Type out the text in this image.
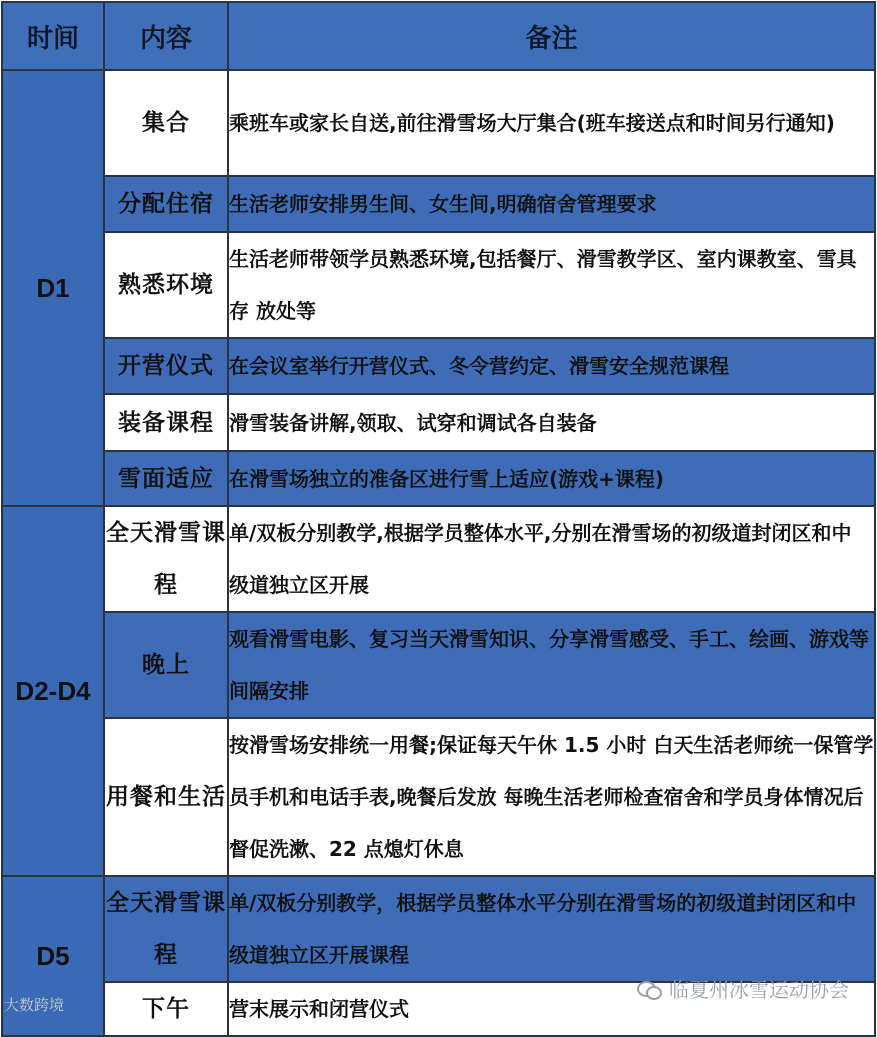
时间	内容	备注
D1	集合	乘班车或家长自送,前往滑雪场大厅集合(班车接送点和时间另行通知)
	分配住宿	生活老师安排男生间、女生间,明确宿舍管理要求
	熟悉环境	生活老师带领学员熟悉环境,包括餐厅、滑雪教学区、室内课教室、雪具存 放处等
	开营仪式	在会议室举行开营仪式、冬令营约定、滑雪安全规范课程
	装备课程	滑雪装备讲解,领取、试穿和调试各自装备
	雪面适应	在滑雪场独立的准备区进行雪上适应(游戏+课程)
D2-D4	全天滑雪课程	单/双板分别教学,根据学员整体水平,分别在滑雪场的初级道封闭区和中 级道独立区开展
	晚上	观看滑雪电影、复习当天滑雪知识、分享滑雪感受、手工、绘画、游戏等间隔安排
	用餐和生活	按滑雪场安排统一用餐;保证每天午休 1.5 小时 白天生活老师统一保管学员手机和电话手表,晚餐后发放 每晚生活老师检查宿舍和学员身体情况后督促洗漱、22 点熄灯休息
D5	全天滑雪课程	单/双板分别教学，根据学员整体水平分别在滑雪场的初级道封闭区和中级道独立区开展课程
	下午	营末展示和闭营仪式
大数跨境
临夏州冰雪运动协会
